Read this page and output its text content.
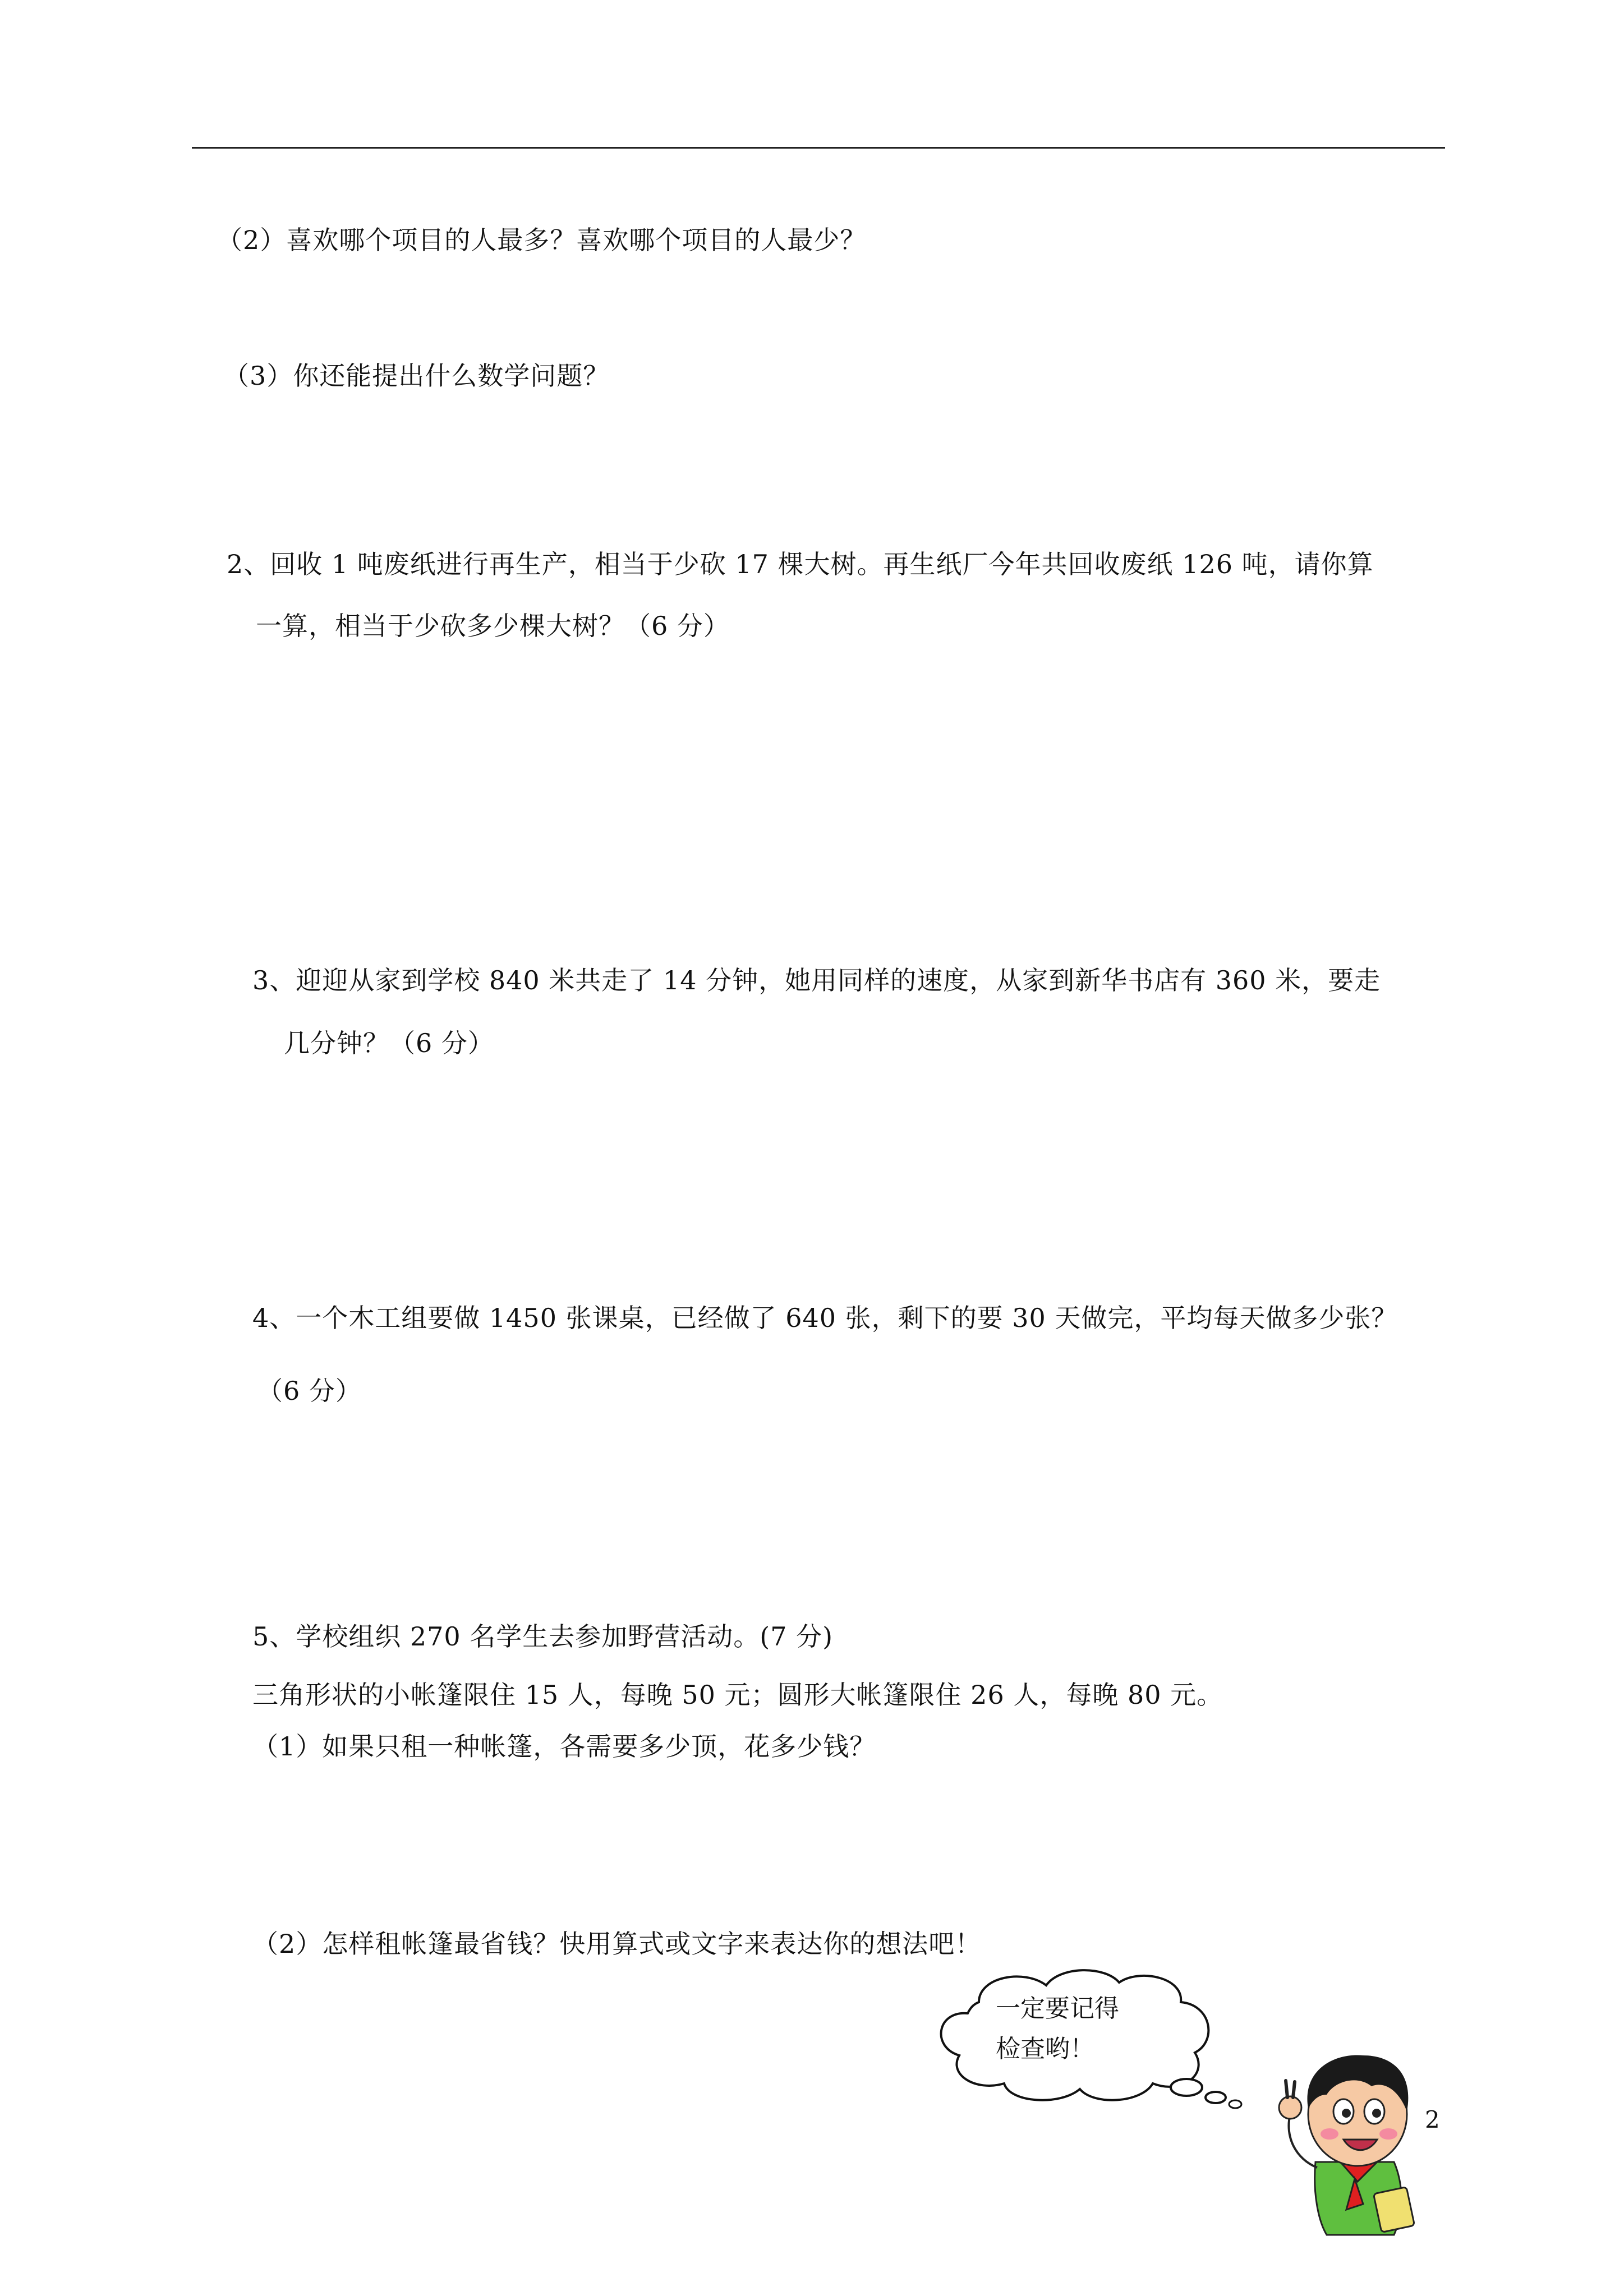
（2）喜欢哪个项目的人最多？喜欢哪个项目的人最少？
（3）你还能提出什么数学问题？
2、回收 1 吨废纸进行再生产，相当于少砍 17 棵大树。再生纸厂今年共回收废纸 126 吨，请你算
一算，相当于少砍多少棵大树？（6 分）
3、迎迎从家到学校 840 米共走了 14 分钟，她用同样的速度，从家到新华书店有 360 米，要走
几分钟？（6 分）
4、一个木工组要做 1450 张课桌，已经做了 640 张，剩下的要 30 天做完，平均每天做多少张？
（6 分）
5、学校组织 270 名学生去参加野营活动。(7 分)
三角形状的小帐篷限住 15 人，每晚 50 元；圆形大帐篷限住 26 人，每晚 80 元。
（1）如果只租一种帐篷，各需要多少顶，花多少钱？
（2）怎样租帐篷最省钱？快用算式或文字来表达你的想法吧！
一定要记得
检查哟！
2
